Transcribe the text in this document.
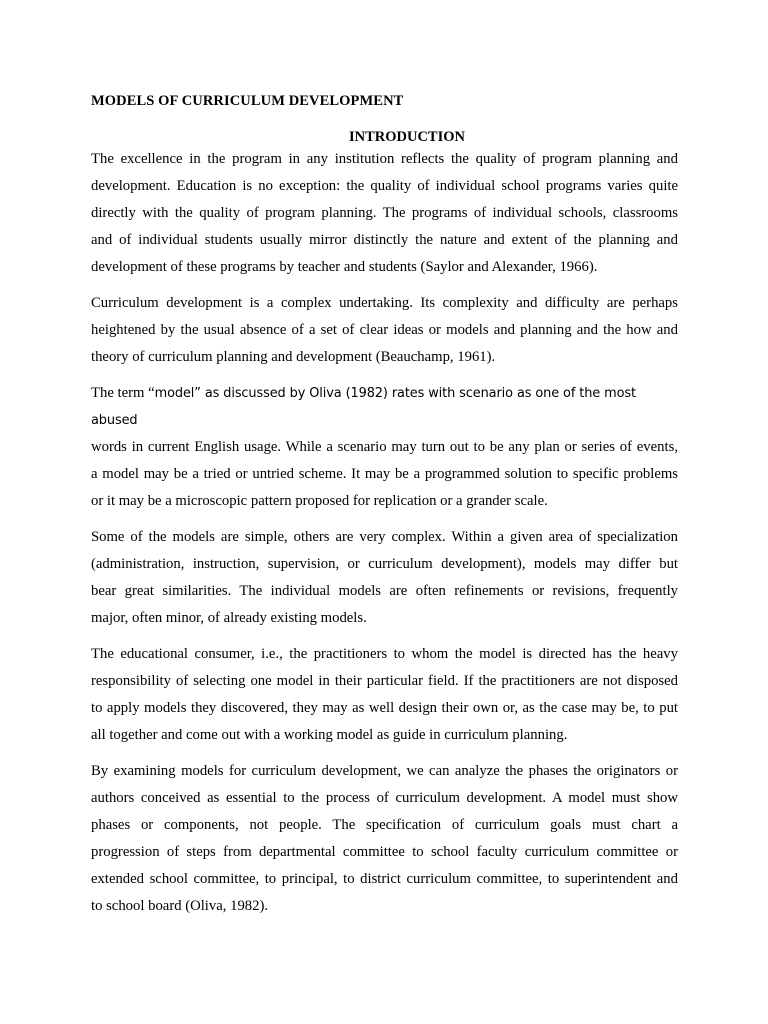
MODELS OF CURRICULUM DEVELOPMENT
INTRODUCTION

The excellence in the program in any institution reflects the quality of program planning and
development. Education is no exception: the quality of individual school programs varies quite
directly with the quality of program planning. The programs of individual schools, classrooms
and of individual students usually mirror distinctly the nature and extent of the planning and
development of these programs by teacher and students (Saylor and Alexander, 1966).

Curriculum development is a complex undertaking. Its complexity and difficulty are perhaps
heightened by the usual absence of a set of clear ideas or models and planning and the how and
theory of curriculum planning and development (Beauchamp, 1961).

The term “model” as discussed by Oliva (1982) rates with scenario as one of the most abused
words in current English usage. While a scenario may turn out to be any plan or series of events,
a model may be a tried or untried scheme. It may be a programmed solution to specific problems
or it may be a microscopic pattern proposed for replication or a grander scale.

Some of the models are simple, others are very complex. Within a given area of specialization
(administration, instruction, supervision, or curriculum development), models may differ but
bear great similarities. The individual models are often refinements or revisions, frequently
major, often minor, of already existing models.

The educational consumer, i.e., the practitioners to whom the model is directed has the heavy
responsibility of selecting one model in their particular field. If the practitioners are not disposed
to apply models they discovered, they may as well design their own or, as the case may be, to put
all together and come out with a working model as guide in curriculum planning.

By examining models for curriculum development, we can analyze the phases the originators or
authors conceived as essential to the process of curriculum development. A model must show
phases or components, not people. The specification of curriculum goals must chart a
progression of steps from departmental committee to school faculty curriculum committee or
extended school committee, to principal, to district curriculum committee, to superintendent and
to school board (Oliva, 1982).
